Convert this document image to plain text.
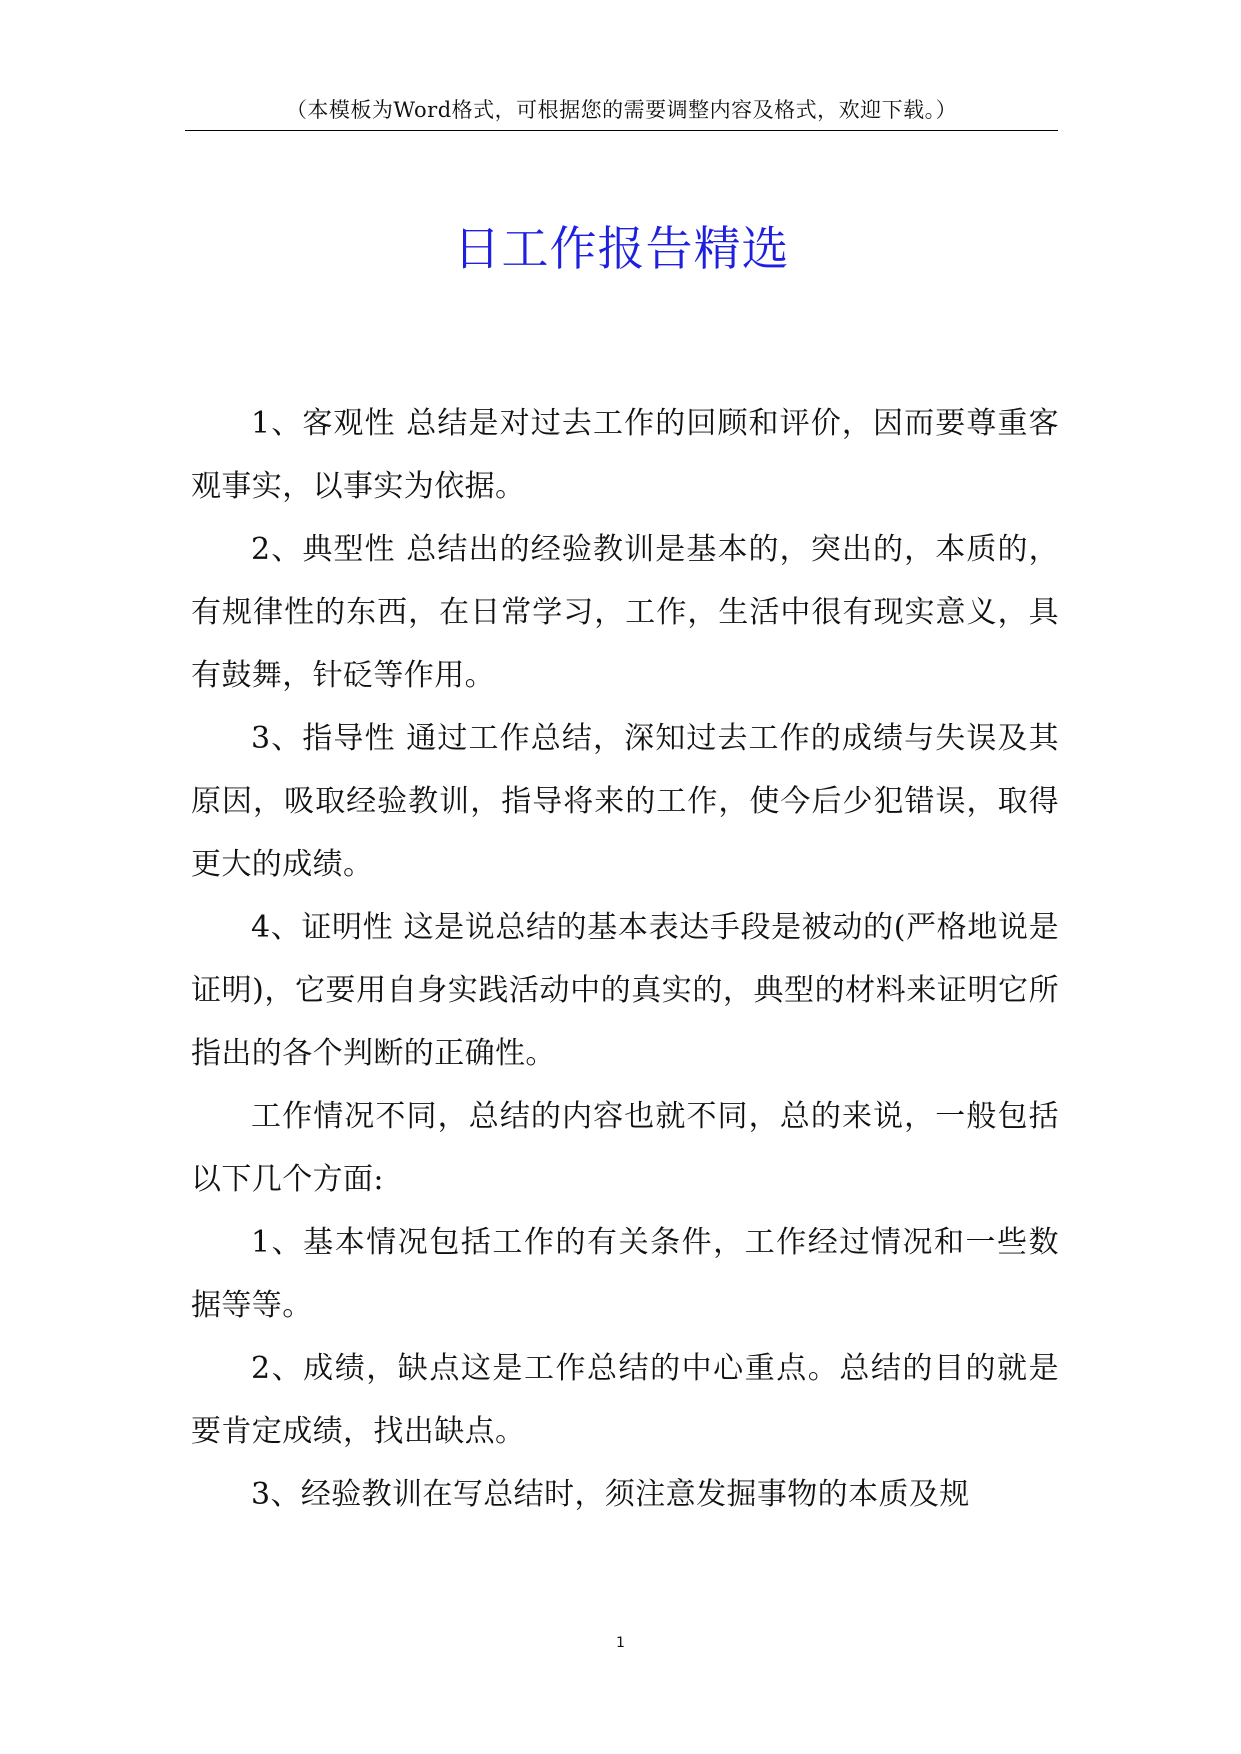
（本模板为Word格式，可根据您的需要调整内容及格式，欢迎下载。）
日工作报告精选

1、客观性 总结是对过去工作的回顾和评价，因而要尊重客观事实，以事实为依据。

2、典型性 总结出的经验教训是基本的，突出的，本质的，有规律性的东西，在日常学习，工作，生活中很有现实意义，具有鼓舞，针砭等作用。

3、指导性 通过工作总结，深知过去工作的成绩与失误及其原因，吸取经验教训，指导将来的工作，使今后少犯错误，取得更大的成绩。

4、证明性 这是说总结的基本表达手段是被动的(严格地说是证明)，它要用自身实践活动中的真实的，典型的材料来证明它所指出的各个判断的正确性。

工作情况不同，总结的内容也就不同，总的来说，一般包括以下几个方面:

1、基本情况包括工作的有关条件，工作经过情况和一些数据等等。

2、成绩，缺点这是工作总结的中心重点。总结的目的就是要肯定成绩，找出缺点。

3、经验教训在写总结时，须注意发掘事物的本质及规

1
